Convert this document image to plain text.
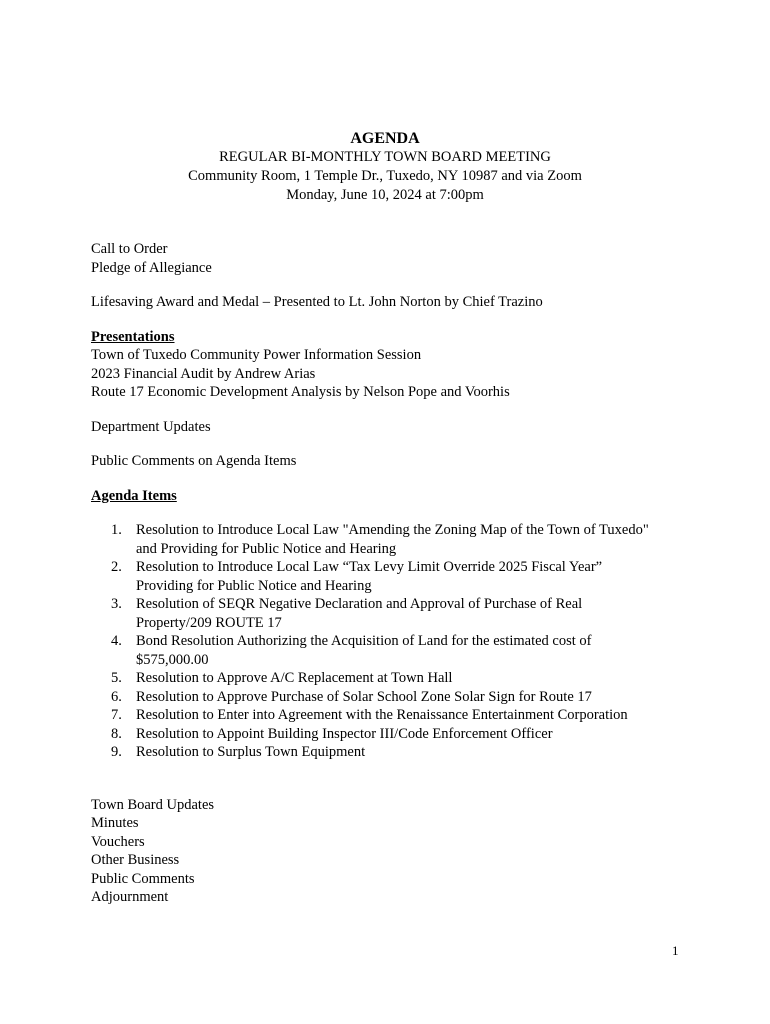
AGENDA
REGULAR BI-MONTHLY TOWN BOARD MEETING
Community Room, 1 Temple Dr., Tuxedo, NY 10987 and via Zoom
Monday, June 10, 2024 at 7:00pm
Call to Order
Pledge of Allegiance
Lifesaving Award and Medal – Presented to Lt. John Norton by Chief Trazino
Presentations
Town of Tuxedo Community Power Information Session
2023 Financial Audit by Andrew Arias
Route 17 Economic Development Analysis by Nelson Pope and Voorhis
Department Updates
Public Comments on Agenda Items
Agenda Items
1. Resolution to Introduce Local Law "Amending the Zoning Map of the Town of Tuxedo"
and Providing for Public Notice and Hearing
2. Resolution to Introduce Local Law “Tax Levy Limit Override 2025 Fiscal Year”
Providing for Public Notice and Hearing
3. Resolution of SEQR Negative Declaration and Approval of Purchase of Real
Property/209 ROUTE 17
4. Bond Resolution Authorizing the Acquisition of Land for the estimated cost of
$575,000.00
5. Resolution to Approve A/C Replacement at Town Hall
6. Resolution to Approve Purchase of Solar School Zone Solar Sign for Route 17
7. Resolution to Enter into Agreement with the Renaissance Entertainment Corporation
8. Resolution to Appoint Building Inspector III/Code Enforcement Officer
9. Resolution to Surplus Town Equipment
Town Board Updates
Minutes
Vouchers
Other Business
Public Comments
Adjournment
1
